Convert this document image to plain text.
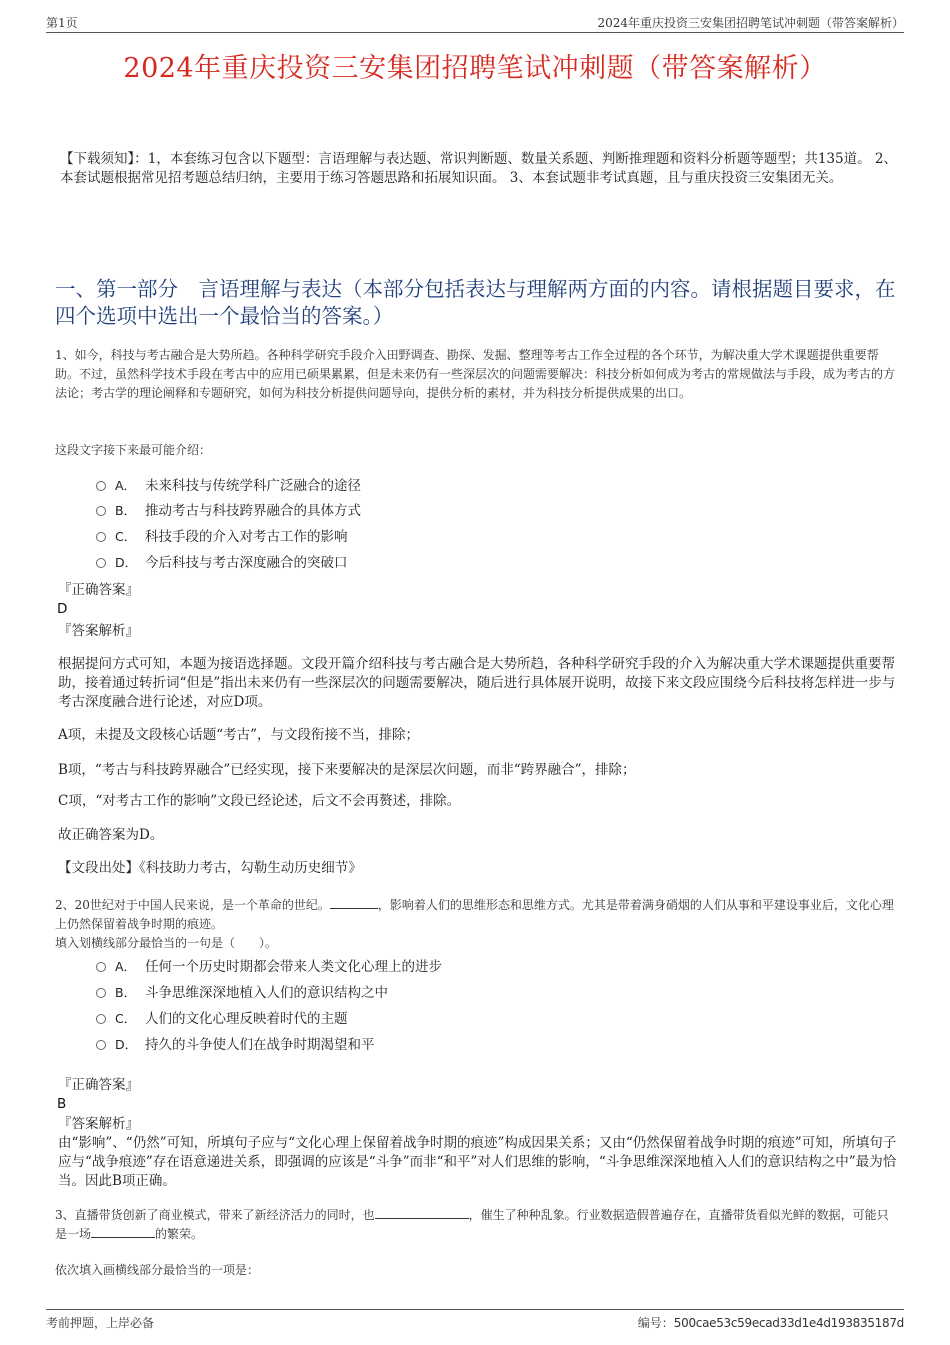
第1页	2024年重庆投资三安集团招聘笔试冲刺题（带答案解析）
2024年重庆投资三安集团招聘笔试冲刺题（带答案解析）
【下载须知】：1，本套练习包含以下题型：言语理解与表达题、常识判断题、数量关系题、判断推理题和资料分析题等题型；共135道。 2、本套试题根据常见招考题总结归纳，主要用于练习答题思路和拓展知识面。 3、本套试题非考试真题，且与重庆投资三安集团无关。
一、第一部分　言语理解与表达（本部分包括表达与理解两方面的内容。请根据题目要求，在四个选项中选出一个最恰当的答案。）
1、如今，科技与考古融合是大势所趋。各种科学研究手段介入田野调查、勘探、发掘、整理等考古工作全过程的各个环节，为解决重大学术课题提供重要帮助。不过，虽然科学技术手段在考古中的应用已硕果累累，但是未来仍有一些深层次的问题需要解决：科技分析如何成为考古的常规做法与手段，成为考古的方法论；考古学的理论阐释和专题研究，如何为科技分析提供问题导向，提供分析的素材，并为科技分析提供成果的出口。
这段文字接下来最可能介绍：
A． 未来科技与传统学科广泛融合的途径
B． 推动考古与科技跨界融合的具体方式
C． 科技手段的介入对考古工作的影响
D． 今后科技与考古深度融合的突破口
『正确答案』
D
『答案解析』
根据提问方式可知，本题为接语选择题。文段开篇介绍科技与考古融合是大势所趋，各种科学研究手段的介入为解决重大学术课题提供重要帮助，接着通过转折词“但是”指出未来仍有一些深层次的问题需要解决，随后进行具体展开说明，故接下来文段应围绕今后科技将怎样进一步与考古深度融合进行论述，对应D项。
A项，未提及文段核心话题“考古”，与文段衔接不当，排除；
B项，“考古与科技跨界融合”已经实现，接下来要解决的是深层次问题，而非“跨界融合”，排除；
C项，“对考古工作的影响”文段已经论述，后文不会再赘述，排除。
故正确答案为D。
【文段出处】《科技助力考古，勾勒生动历史细节》
2、20世纪对于中国人民来说，是一个革命的世纪。	，影响着人们的思维形态和思维方式。尤其是带着满身硝烟的人们从事和平建设事业后，文化心理上仍然保留着战争时期的痕迹。
填入划横线部分最恰当的一句是（　　）。
A． 任何一个历史时期都会带来人类文化心理上的进步
B． 斗争思维深深地植入人们的意识结构之中
C． 人们的文化心理反映着时代的主题
D． 持久的斗争使人们在战争时期渴望和平
『正确答案』
B
『答案解析』
由“影响”、“仍然”可知，所填句子应与“文化心理上保留着战争时期的痕迹”构成因果关系；又由“仍然保留着战争时期的痕迹”可知，所填句子应与“战争痕迹”存在语意递进关系，即强调的应该是“斗争”而非“和平”对人们思维的影响，“斗争思维深深地植入人们的意识结构之中”最为恰当。因此B项正确。
3、直播带货创新了商业模式，带来了新经济活力的同时，也	，催生了种种乱象。行业数据造假普遍存在，直播带货看似光鲜的数据，可能只是一场	的繁荣。
依次填入画横线部分最恰当的一项是：
考前押题，上岸必备	编号：500cae53c59ecad33d1e4d193835187d
